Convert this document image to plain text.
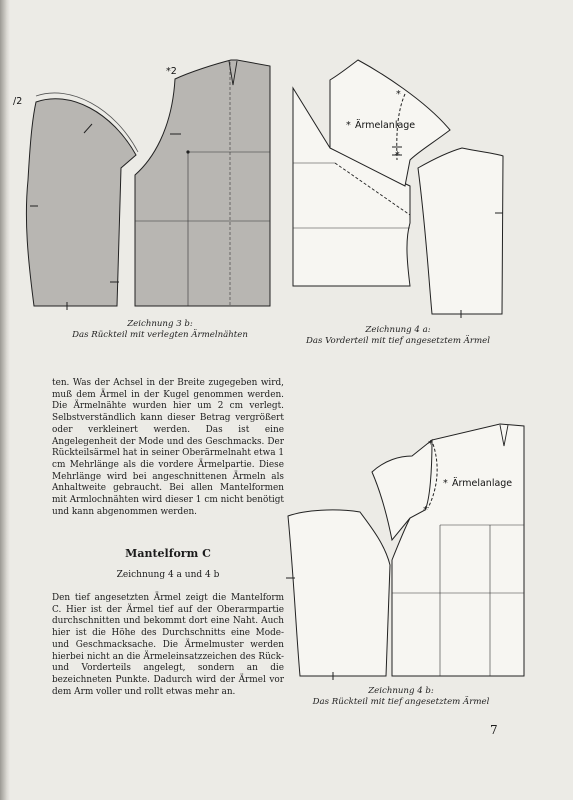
/2
*2
Zeichnung 3 b:
Das Rückteil mit verlegten Ärmelnähten
*
*
* Ärmelanlage
Zeichnung 4 a:
Das Vorderteil mit tief angesetztem Ärmel

ten. Was der Achsel in der Breite zugegeben wird, muß dem Ärmel in der Kugel genommen werden. Die Ärmelnähte wurden hier um 2 cm verlegt. Selbstverständlich kann dieser Betrag vergrößert oder verkleinert werden. Das ist eine Angelegenheit der Mode und des Geschmacks. Der Rückteilsärmel hat in seiner Oberärmelnaht etwa 1 cm Mehrlänge als die vordere Ärmelpartie. Diese Mehrlänge wird bei angeschnittenen Ärmeln als Anhaltweite gebraucht. Bei allen Mantelformen mit Armlochnähten wird dieser 1 cm nicht benötigt und kann abgenommen werden.

Mantelform C

Zeichnung 4 a und 4 b

Den tief angesetzten Ärmel zeigt die Mantelform C. Hier ist der Ärmel tief auf der Oberarmpartie durchschnitten und bekommt dort eine Naht. Auch hier ist die Höhe des Durchschnitts eine Mode- und Geschmacksache. Die Ärmelmuster werden hierbei nicht an die Ärmeleinsatzzeichen des Rück- und Vorderteils angelegt, sondern an die bezeichneten Punkte. Dadurch wird der Ärmel vor dem Arm voller und rollt etwas mehr an.

*
*
* Ärmelanlage
Zeichnung 4 b:
Das Rückteil mit tief angesetztem Ärmel
7
